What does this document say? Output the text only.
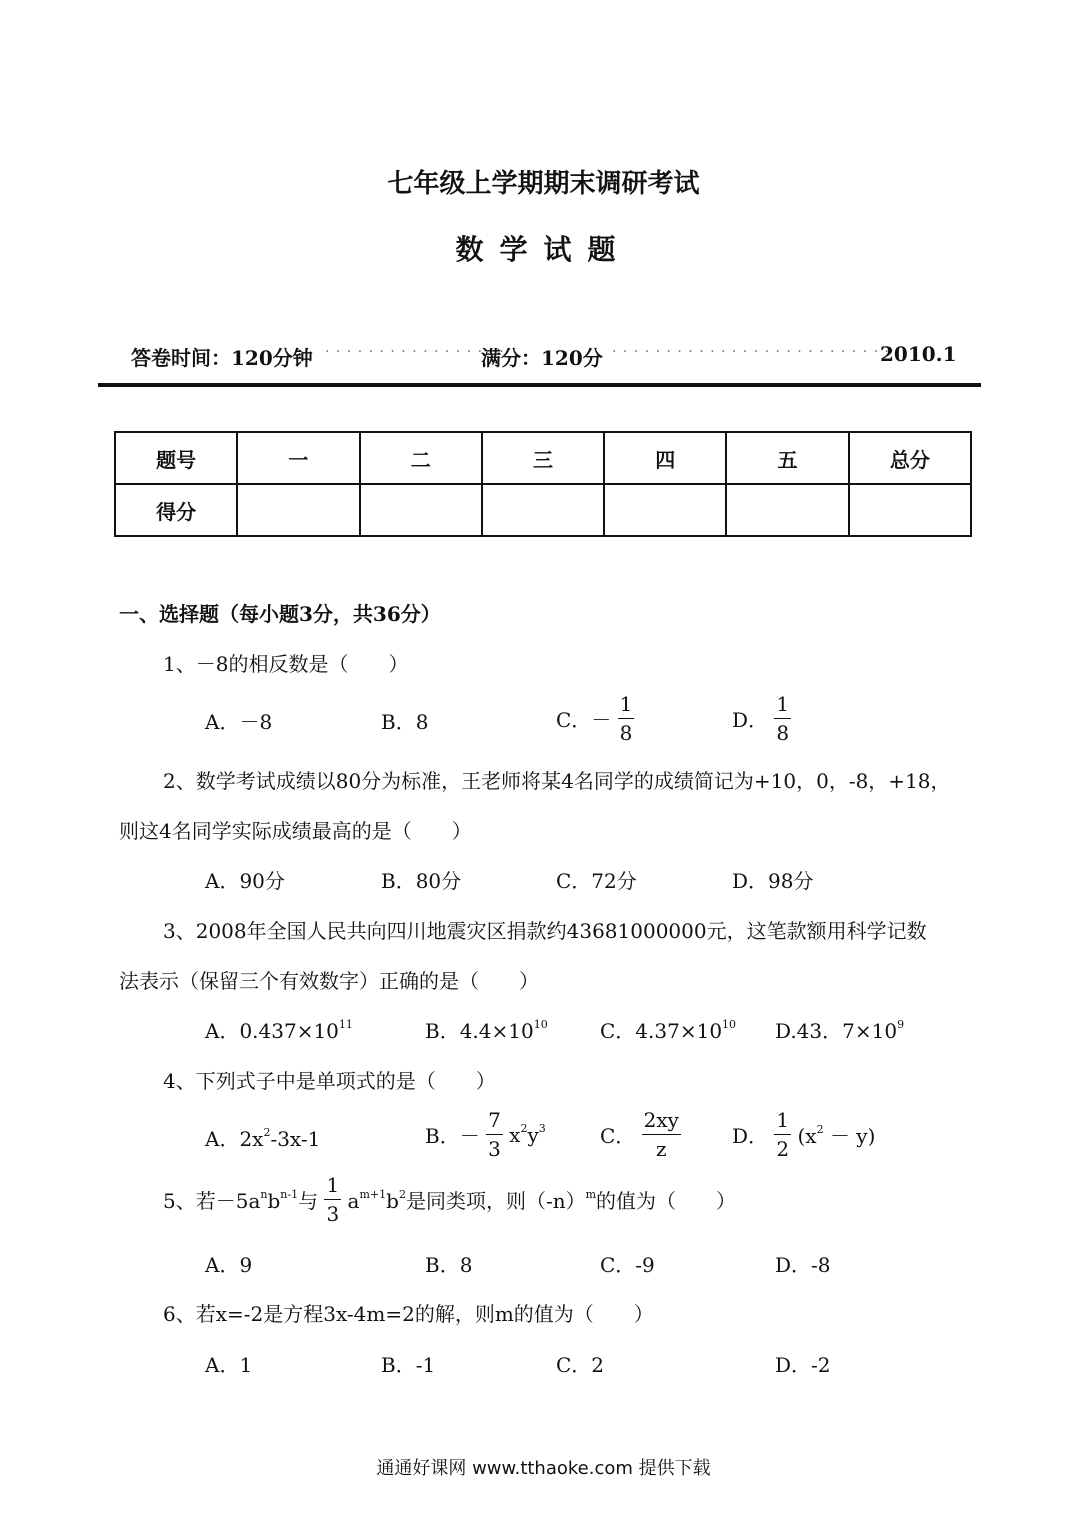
七年级上学期期末调研考试
数学试题
答卷时间：120分钟 . . . . . . . . . . . . . . . . .
满分：120分 . . . . . . . . . . . . . . . . . . . . . . . . . . .
2010.1
题号	一	二	三	四	五	总分
得分						
一、选择题（每小题3分，共36分）
1、－8的相反数是（　　）
A．－8	B．8	C．－ $\frac{1}{8}$	D． $\frac{1}{8}$
2、数学考试成绩以80分为标准，王老师将某4名同学的成绩简记为+10，0，-8，+18，
则这4名同学实际成绩最高的是（　　）
A．90分	B．80分	C．72分	D．98分
3、2008年全国人民共向四川地震灾区捐款约43681000000元，这笔款额用科学记数
法表示（保留三个有效数字）正确的是（　　）
A．$0.437\times 10^{11}$	B．$4.4\times 10^{10}$	C．$4.37\times 10^{10}$ D.43．$7\times 10^9$
4、下列式子中是单项式的是（　　）
A．$2x^2-3x-1$	B．－ $\frac{7}{3} x^2y^3$	C． $\frac{2xy}{z}$	D． $\frac{1}{2} (x^2 - y)$
5、若$-5a^nb^{n-1}$与 $\frac{1}{3} a^{m+1}b^2$是同类项，则$(-n)^m$的值为（　　）
A．9	B．8	C．-9	D．-8
6、若x=-2是方程3x-4m=2的解，则m的值为（　　）
A．1	B．-1	C．2	D．-2
通通好课网 www.tthaoke.com 提供下载
